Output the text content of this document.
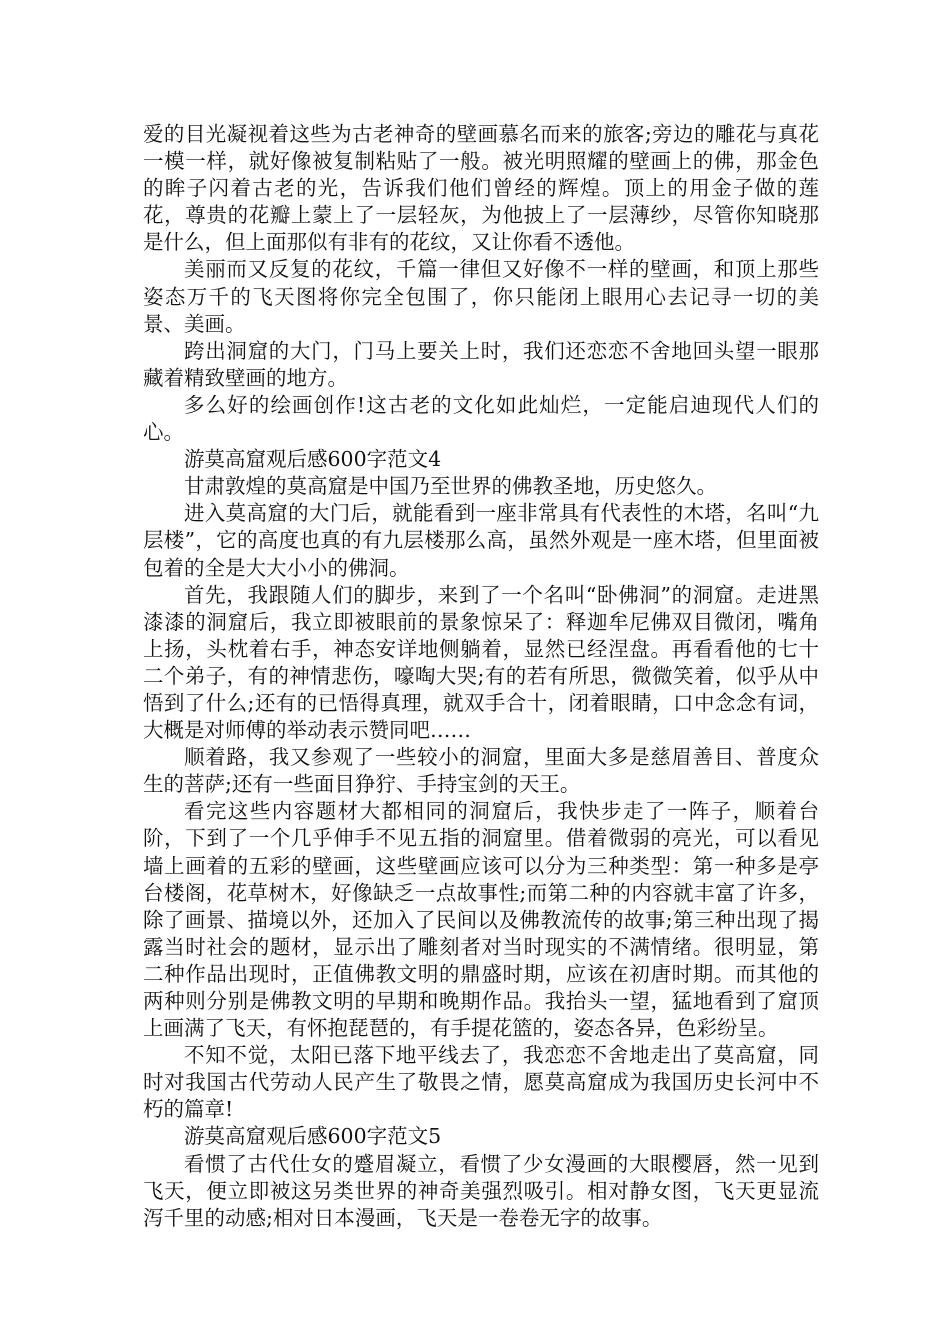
爱的目光凝视着这些为古老神奇的壁画慕名而来的旅客;旁边的雕花与真花一模一样，就好像被复制粘贴了一般。被光明照耀的壁画上的佛，那金色的眸子闪着古老的光，告诉我们他们曾经的辉煌。顶上的用金子做的莲花，尊贵的花瓣上蒙上了一层轻灰，为他披上了一层薄纱，尽管你知晓那是什么，但上面那似有非有的花纹，又让你看不透他。

美丽而又反复的花纹，千篇一律但又好像不一样的壁画，和顶上那些姿态万千的飞天图将你完全包围了，你只能闭上眼用心去记寻一切的美景、美画。

跨出洞窟的大门，门马上要关上时，我们还恋恋不舍地回头望一眼那藏着精致壁画的地方。

多么好的绘画创作!这古老的文化如此灿烂，一定能启迪现代人们的心。

游莫高窟观后感600字范文4

甘肃敦煌的莫高窟是中国乃至世界的佛教圣地，历史悠久。

进入莫高窟的大门后，就能看到一座非常具有代表性的木塔，名叫“九层楼”，它的高度也真的有九层楼那么高，虽然外观是一座木塔，但里面被包着的全是大大小小的佛洞。

首先，我跟随人们的脚步，来到了一个名叫“卧佛洞”的洞窟。走进黑漆漆的洞窟后，我立即被眼前的景象惊呆了：释迦牟尼佛双目微闭，嘴角上扬，头枕着右手，神态安详地侧躺着，显然已经涅盘。再看看他的七十二个弟子，有的神情悲伤，嚎啕大哭;有的若有所思，微微笑着，似乎从中悟到了什么;还有的已悟得真理，就双手合十，闭着眼睛，口中念念有词，大概是对师傅的举动表示赞同吧……

顺着路，我又参观了一些较小的洞窟，里面大多是慈眉善目、普度众生的菩萨;还有一些面目狰狞、手持宝剑的天王。

看完这些内容题材大都相同的洞窟后，我快步走了一阵子，顺着台阶，下到了一个几乎伸手不见五指的洞窟里。借着微弱的亮光，可以看见墙上画着的五彩的壁画，这些壁画应该可以分为三种类型：第一种多是亭台楼阁，花草树木，好像缺乏一点故事性;而第二种的内容就丰富了许多，除了画景、描境以外，还加入了民间以及佛教流传的故事;第三种出现了揭露当时社会的题材，显示出了雕刻者对当时现实的不满情绪。很明显，第二种作品出现时，正值佛教文明的鼎盛时期，应该在初唐时期。而其他的两种则分别是佛教文明的早期和晚期作品。我抬头一望，猛地看到了窟顶上画满了飞天，有怀抱琵琶的，有手提花篮的，姿态各异，色彩纷呈。

不知不觉，太阳已落下地平线去了，我恋恋不舍地走出了莫高窟，同时对我国古代劳动人民产生了敬畏之情，愿莫高窟成为我国历史长河中不朽的篇章!

游莫高窟观后感600字范文5

看惯了古代仕女的蹙眉凝立，看惯了少女漫画的大眼樱唇，然一见到飞天，便立即被这另类世界的神奇美强烈吸引。相对静女图，飞天更显流泻千里的动感;相对日本漫画，飞天是一卷卷无字的故事。
